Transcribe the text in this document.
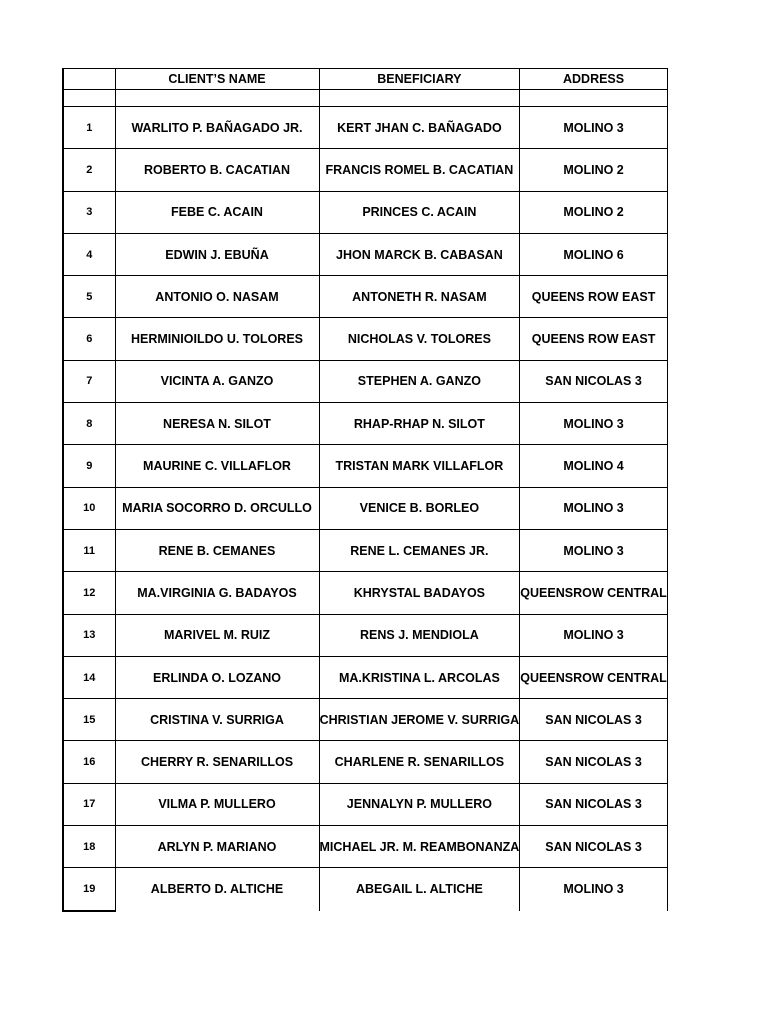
	CLIENT’S NAME	BENEFICIARY	ADDRESS

1	WARLITO P. BAÑAGADO JR.	KERT JHAN C. BAÑAGADO	MOLINO 3
2	ROBERTO B. CACATIAN	FRANCIS ROMEL B. CACATIAN	MOLINO 2
3	FEBE C. ACAIN	PRINCES C. ACAIN	MOLINO 2
4	EDWIN J. EBUÑA	JHON MARCK B. CABASAN	MOLINO 6
5	ANTONIO O. NASAM	ANTONETH R. NASAM	QUEENS ROW EAST
6	HERMINIOILDO U. TOLORES	NICHOLAS V. TOLORES	QUEENS ROW EAST
7	VICINTA A. GANZO	STEPHEN A. GANZO	SAN NICOLAS 3
8	NERESA N. SILOT	RHAP-RHAP N. SILOT	MOLINO 3
9	MAURINE C. VILLAFLOR	TRISTAN MARK VILLAFLOR	MOLINO 4
10	MARIA SOCORRO D. ORCULLO	VENICE B. BORLEO	MOLINO 3
11	RENE B. CEMANES	RENE L. CEMANES JR.	MOLINO 3
12	MA.VIRGINIA G. BADAYOS	KHRYSTAL BADAYOS	QUEENSROW CENTRAL
13	MARIVEL M. RUIZ	RENS J. MENDIOLA	MOLINO 3
14	ERLINDA O. LOZANO	MA.KRISTINA L. ARCOLAS	QUEENSROW CENTRAL
15	CRISTINA V. SURRIGA	CHRISTIAN JEROME V. SURRIGA	SAN NICOLAS 3
16	CHERRY R. SENARILLOS	CHARLENE R. SENARILLOS	SAN NICOLAS 3
17	VILMA P. MULLERO	JENNALYN P. MULLERO	SAN NICOLAS 3
18	ARLYN P. MARIANO	MICHAEL JR. M. REAMBONANZA	SAN NICOLAS 3
19	ALBERTO D. ALTICHE	ABEGAIL L. ALTICHE	MOLINO 3
